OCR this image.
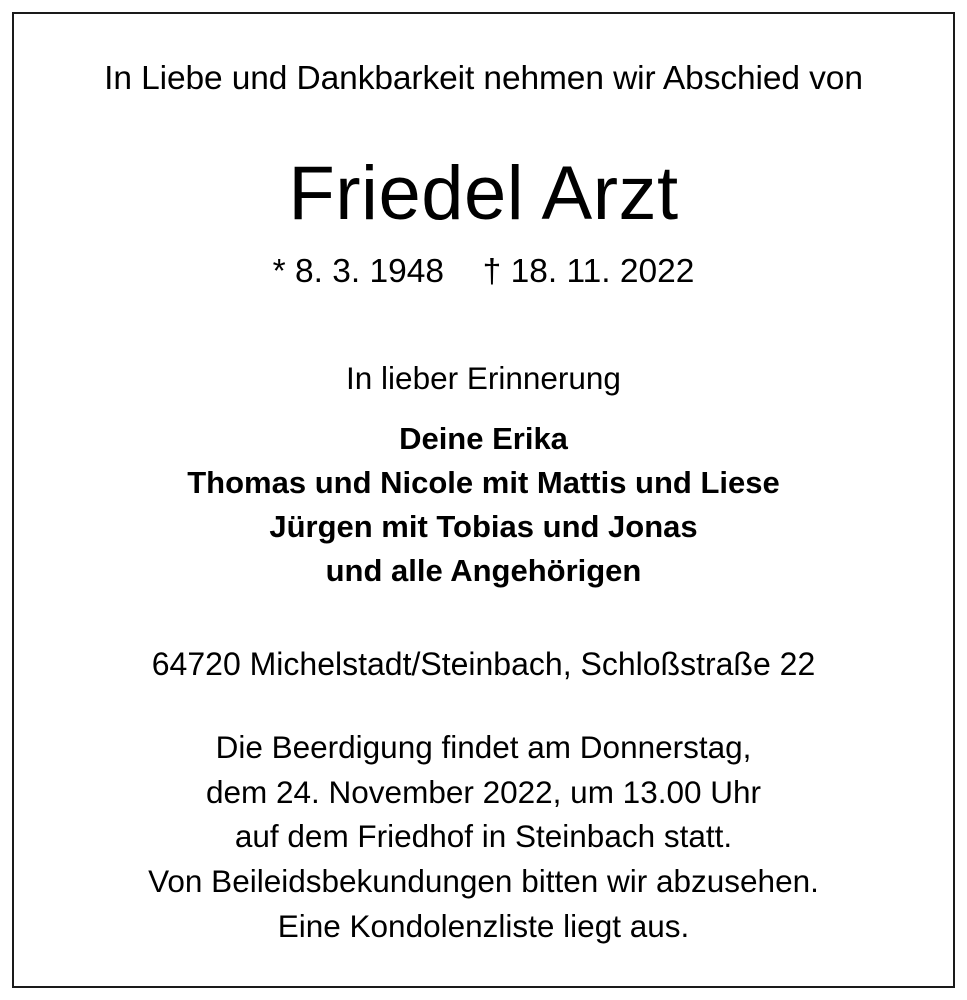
In Liebe und Dankbarkeit nehmen wir Abschied von

Friedel Arzt
* 8. 3. 1948 † 18. 11. 2022
In lieber Erinnerung
Deine Erika
Thomas und Nicole mit Mattis und Liese
Jürgen mit Tobias und Jonas
und alle Angehörigen
64720 Michelstadt/Steinbach, Schloßstraße 22
Die Beerdigung findet am Donnerstag,
dem 24. November 2022, um 13.00 Uhr
auf dem Friedhof in Steinbach statt.
Von Beileidsbekundungen bitten wir abzusehen.
Eine Kondolenzliste liegt aus.
